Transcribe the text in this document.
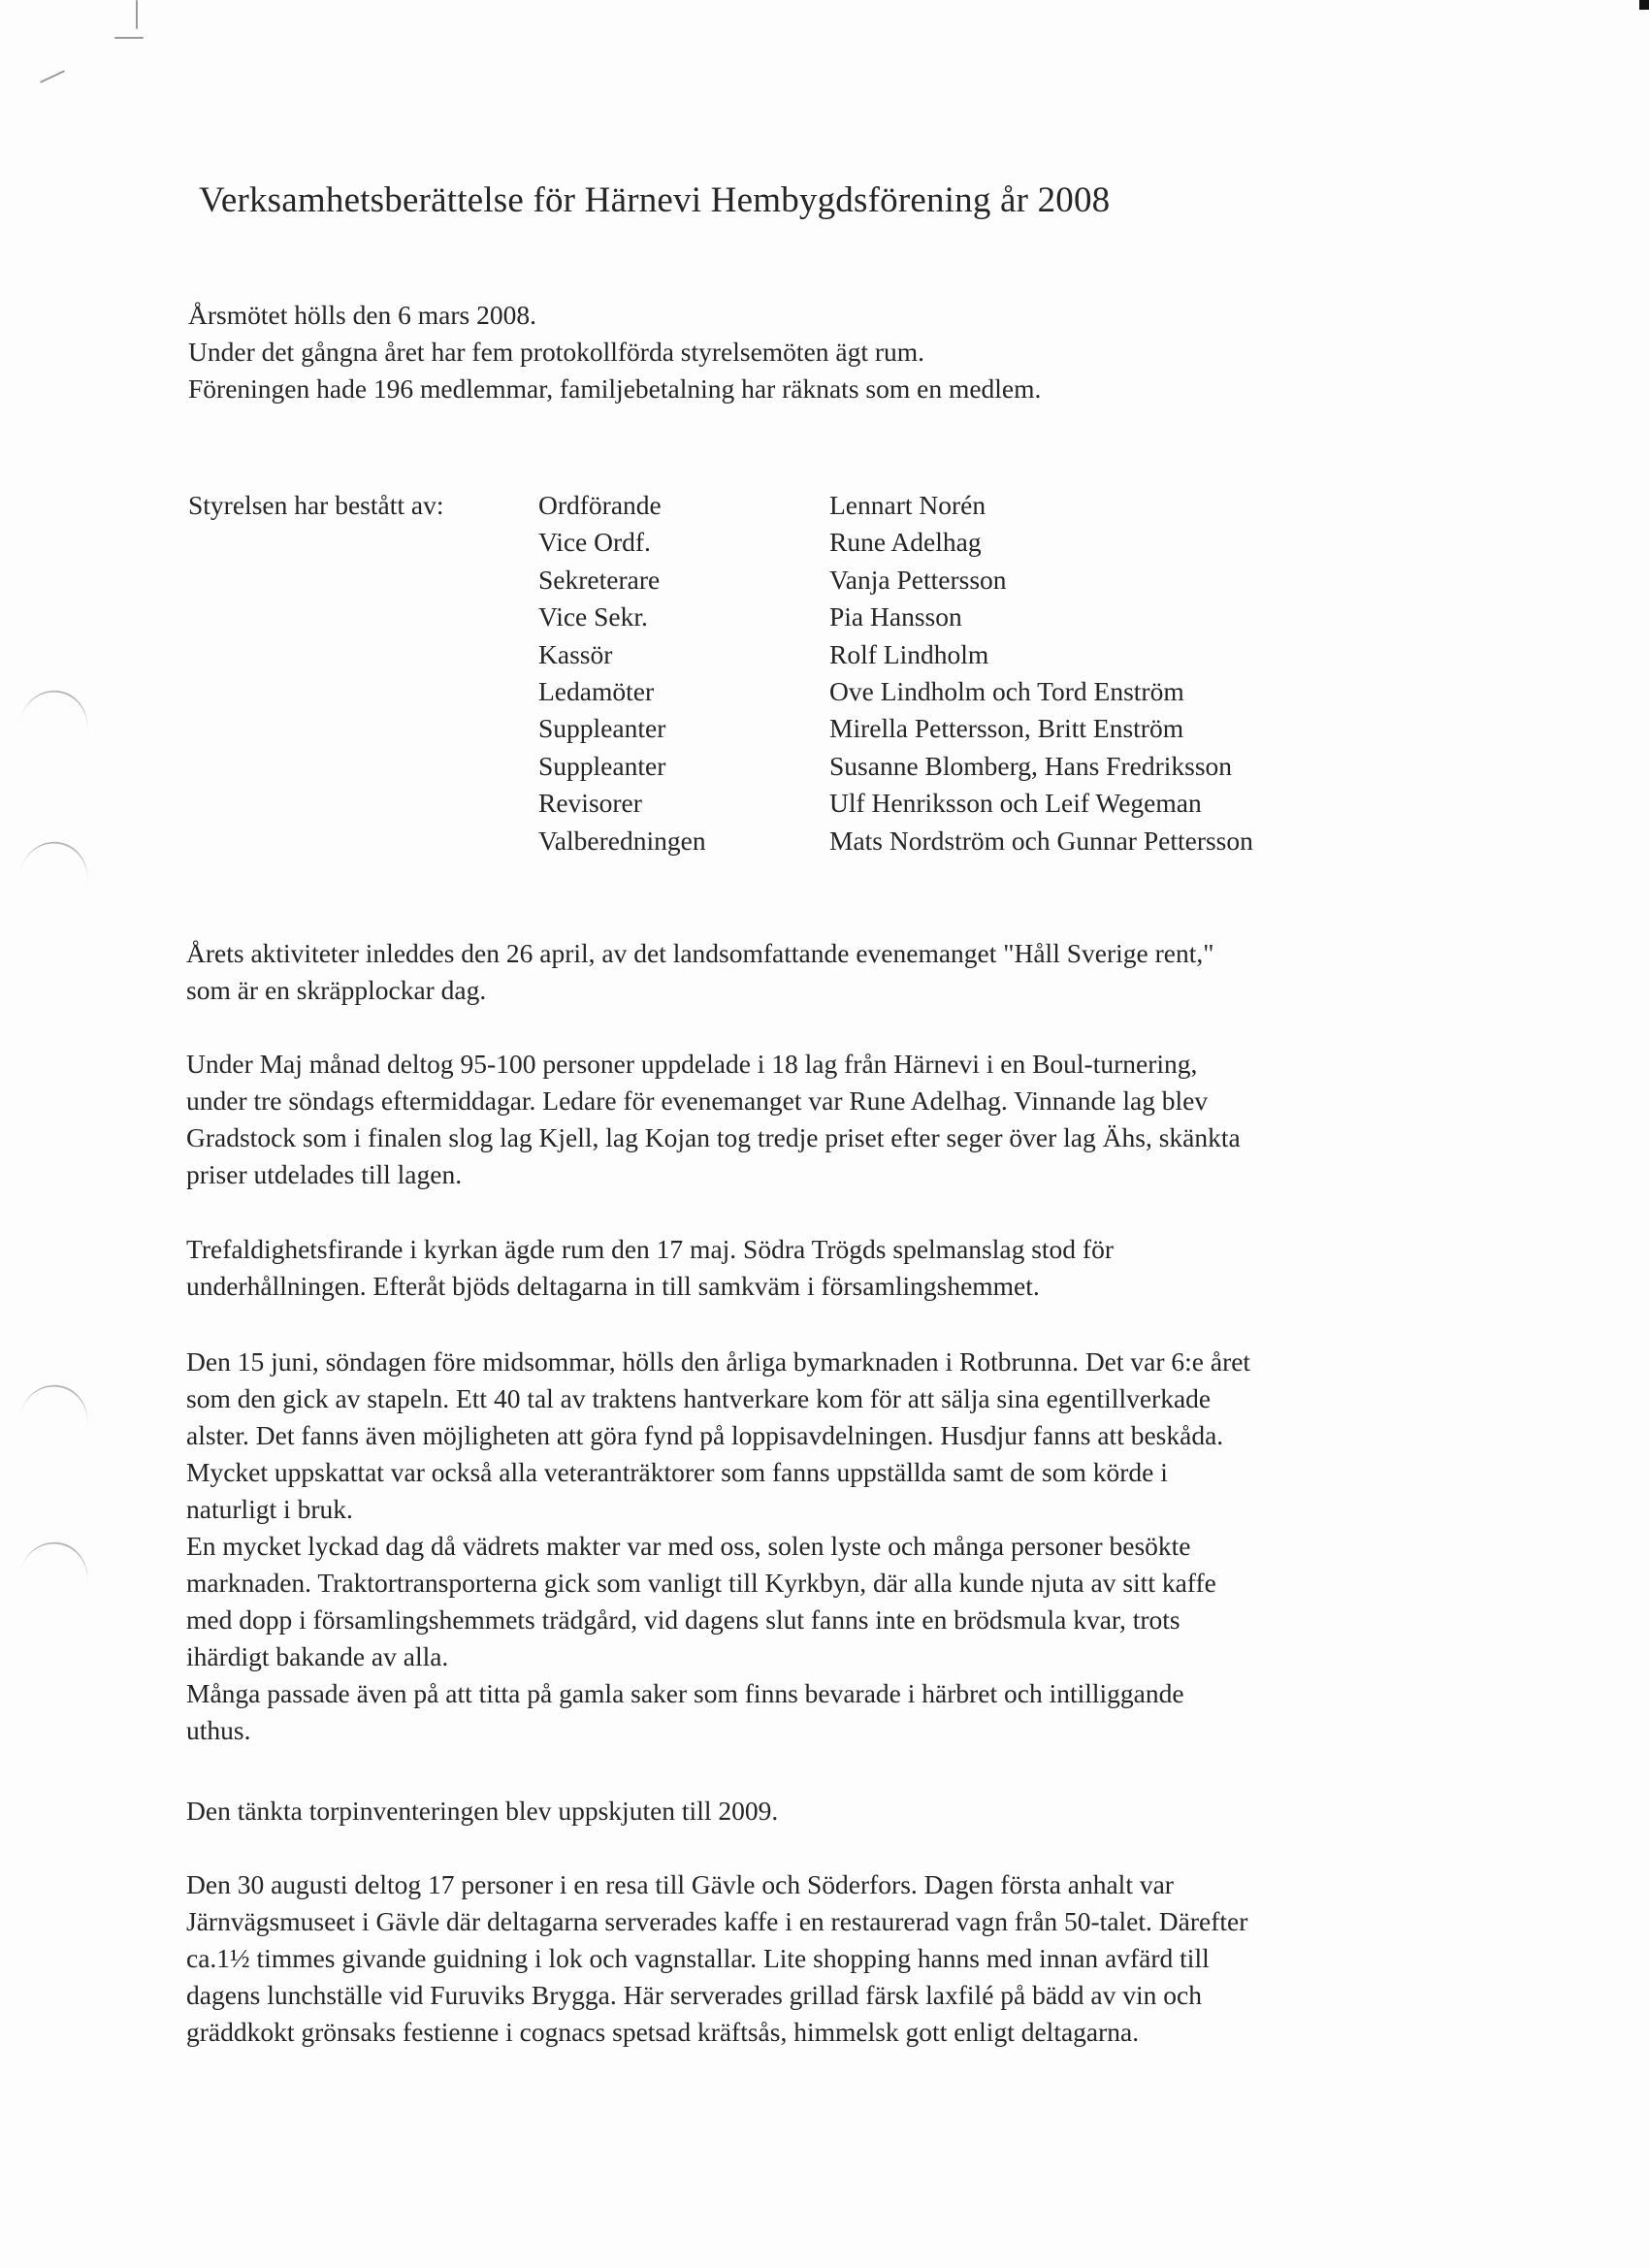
Verksamhetsberättelse för Härnevi Hembygdsförening år 2008
Årsmötet hölls den 6 mars 2008.
Under det gångna året har fem protokollförda styrelsemöten ägt rum.
Föreningen hade 196 medlemmar, familjebetalning har räknats som en medlem.
Styrelsen har bestått av:	Ordförande
Vice Ordf.
Sekreterare
Vice Sekr.
Kassör
Ledamöter
Suppleanter
Suppleanter
Revisorer
Valberedningen
Lennart Norén
Rune Adelhag
Vanja Pettersson
Pia Hansson
Rolf Lindholm
Ove Lindholm och Tord Enström
Mirella Pettersson, Britt Enström
Susanne Blomberg, Hans Fredriksson
Ulf Henriksson och Leif Wegeman
Mats Nordström och Gunnar Pettersson
Årets aktiviteter inleddes den 26 april, av det landsomfattande evenemanget "Håll Sverige rent,"
som är en skräpplockar dag.
Under Maj månad deltog 95-100 personer uppdelade i 18 lag från Härnevi i en Boul-turnering,
under tre söndags eftermiddagar. Ledare för evenemanget var Rune Adelhag. Vinnande lag blev
Gradstock som i finalen slog lag Kjell, lag Kojan tog tredje priset efter seger över lag Ähs, skänkta
priser utdelades till lagen.
Trefaldighetsfirande i kyrkan ägde rum den 17 maj. Södra Trögds spelmanslag stod för
underhållningen. Efteråt bjöds deltagarna in till samkväm i församlingshemmet.
Den 15 juni, söndagen före midsommar, hölls den årliga bymarknaden i Rotbrunna. Det var 6:e året
som den gick av stapeln. Ett 40 tal av traktens hantverkare kom för att sälja sina egentillverkade
alster. Det fanns även möjligheten att göra fynd på loppisavdelningen. Husdjur fanns att beskåda.
Mycket uppskattat var också alla veteranträktorer som fanns uppställda samt de som körde i
naturligt i bruk.
En mycket lyckad dag då vädrets makter var med oss, solen lyste och många personer besökte
marknaden. Traktortransporterna gick som vanligt till Kyrkbyn, där alla kunde njuta av sitt kaffe
med dopp i församlingshemmets trädgård, vid dagens slut fanns inte en brödsmula kvar, trots
ihärdigt bakande av alla.
Många passade även på att titta på gamla saker som finns bevarade i härbret och intilliggande
uthus.
Den tänkta torpinventeringen blev uppskjuten till 2009.
Den 30 augusti deltog 17 personer i en resa till Gävle och Söderfors. Dagen första anhalt var
Järnvägsmuseet i Gävle där deltagarna serverades kaffe i en restaurerad vagn från 50-talet. Därefter
ca.1½ timmes givande guidning i lok och vagnstallar. Lite shopping hanns med innan avfärd till
dagens lunchställe vid Furuviks Brygga. Här serverades grillad färsk laxfilé på bädd av vin och
gräddkokt grönsaks festienne i cognacs spetsad kräftsås, himmelsk gott enligt deltagarna.
